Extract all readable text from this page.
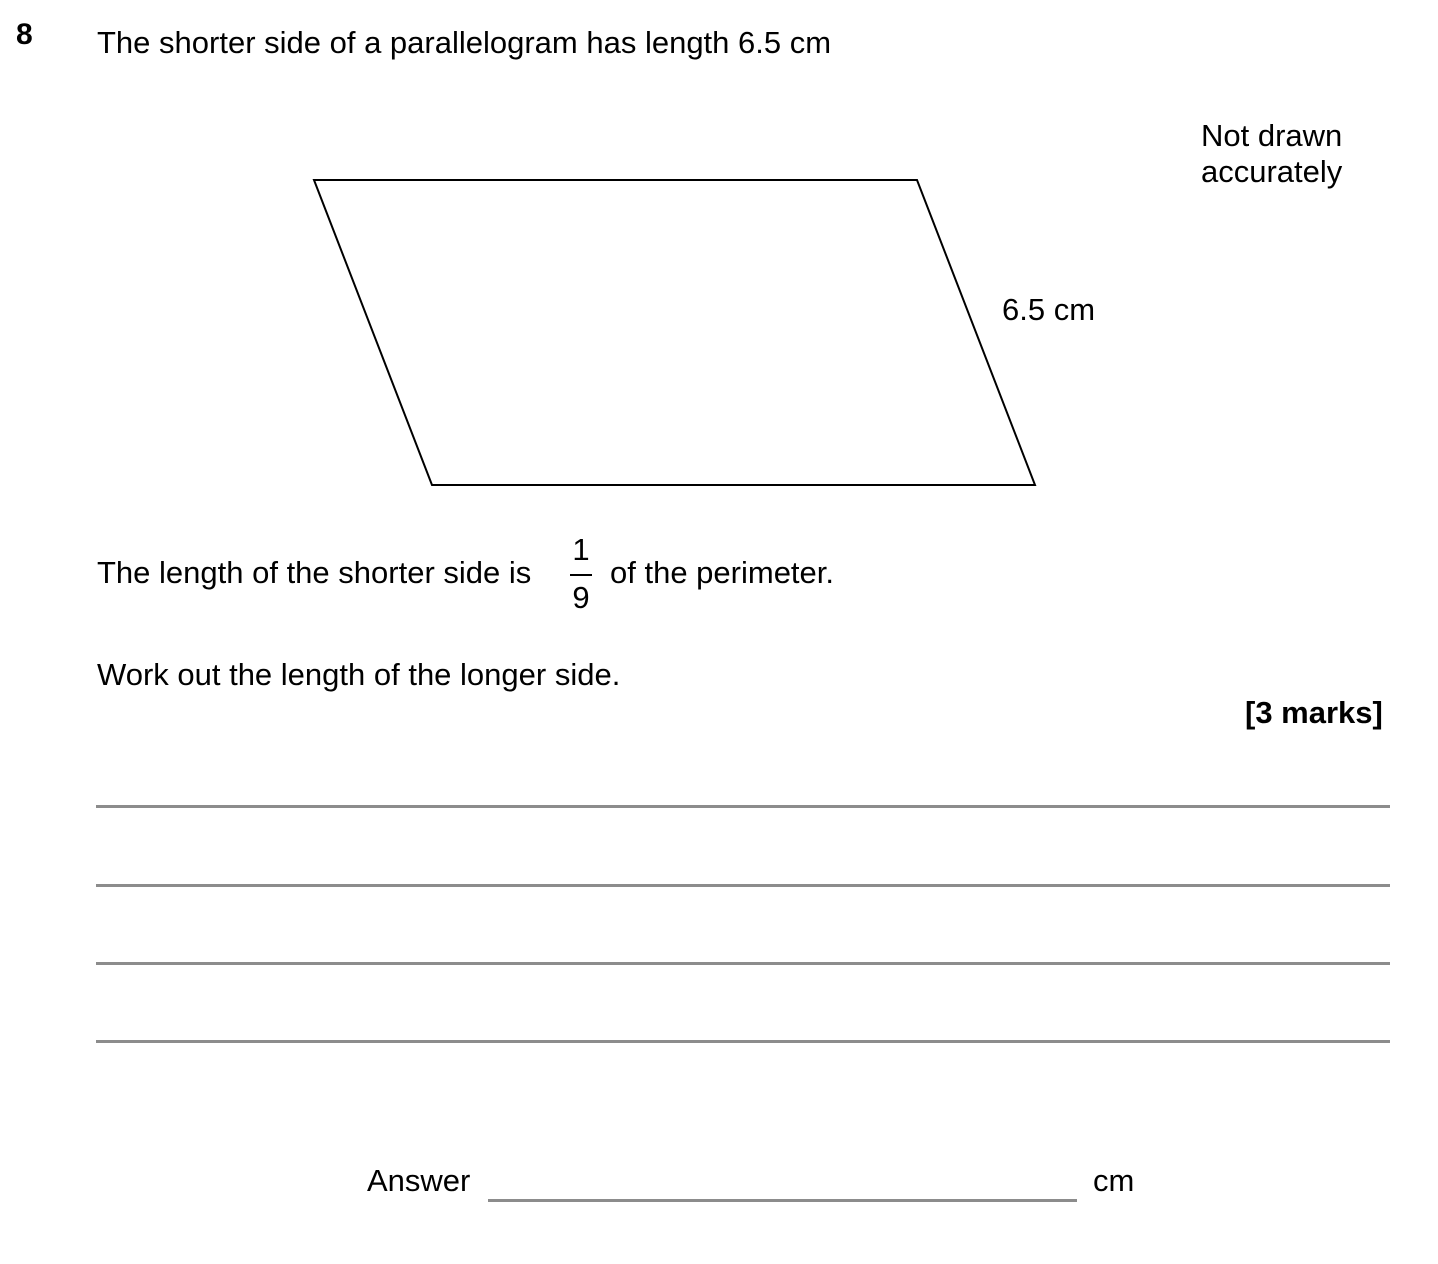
8 The shorter side of a parallelogram has length 6.5 cm
Not drawn
accurately
6.5 cm
The length of the shorter side is
1
9
of the perimeter.
Work out the length of the longer side.
[3 marks]
Answer	cm
